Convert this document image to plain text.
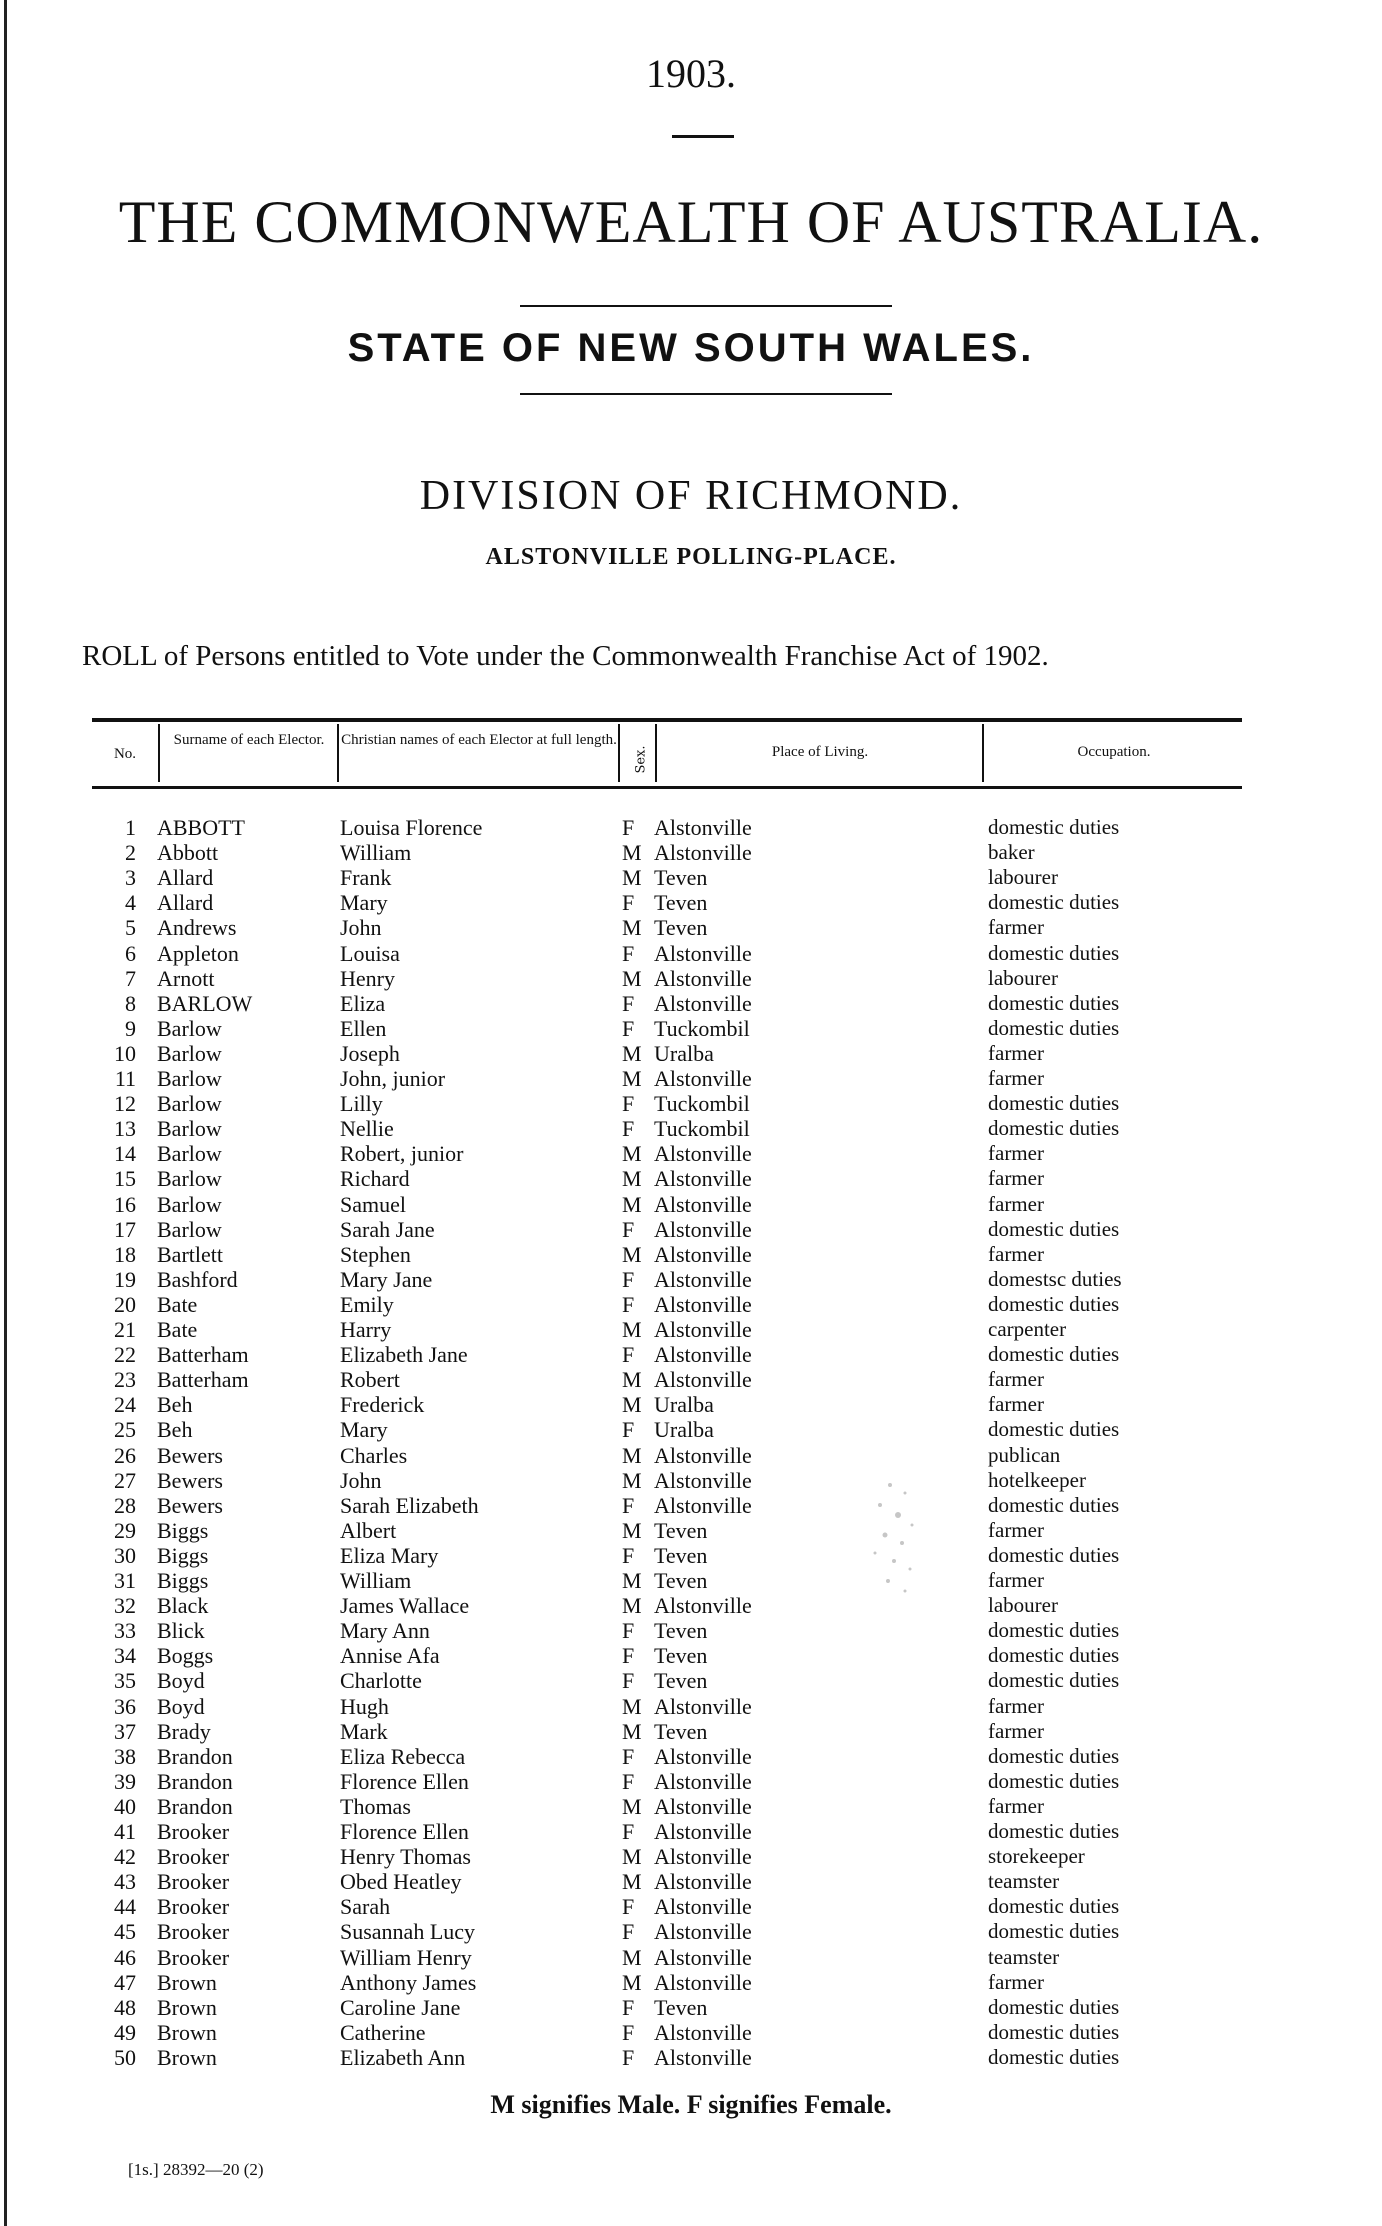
1903.
THE COMMONWEALTH OF AUSTRALIA.
STATE OF NEW SOUTH WALES.
DIVISION OF RICHMOND.
ALSTONVILLE POLLING-PLACE.
ROLL of Persons entitled to Vote under the Commonwealth Franchise Act of 1902.
No.
Surname of each Elector.	Christian names of each Elector at full length.
Sex.	Place of Living.	Occupation.
1 ABBOTT	Louisa Florence	F Alstonville	domestic duties
2 Abbott	William	M Alstonville	baker
3 Allard	Frank	M Teven	labourer
4 Allard	Mary	F Teven	domestic duties
5 Andrews	John	M Teven	farmer
6 Appleton	Louisa	F Alstonville	domestic duties
7 Arnott	Henry	M Alstonville	labourer
8 BARLOW	Eliza	F Alstonville	domestic duties
9 Barlow	Ellen	F Tuckombil	domestic duties
10 Barlow	Joseph	M Uralba	farmer
11 Barlow	John, junior	M Alstonville	farmer
12 Barlow	Lilly	F Tuckombil	domestic duties
13 Barlow	Nellie	F Tuckombil	domestic duties
14 Barlow	Robert, junior	M Alstonville	farmer
15 Barlow	Richard	M Alstonville	farmer
16 Barlow	Samuel	M Alstonville	farmer
17 Barlow	Sarah Jane	F Alstonville	domestic duties
18 Bartlett	Stephen	M Alstonville	farmer
19 Bashford	Mary Jane	F Alstonville	domestsc duties
20 Bate	Emily	F Alstonville	domestic duties
21 Bate	Harry	M Alstonville	carpenter
22 Batterham	Elizabeth Jane	F Alstonville	domestic duties
23 Batterham	Robert	M Alstonville	farmer
24 Beh	Frederick	M Uralba	farmer
25 Beh	Mary	F Uralba	domestic duties
26 Bewers	Charles	M Alstonville	publican
27 Bewers	John	M Alstonville	hotelkeeper
28 Bewers	Sarah Elizabeth	F Alstonville	domestic duties
29 Biggs	Albert	M Teven	farmer
30 Biggs	Eliza Mary	F Teven	domestic duties
31 Biggs	William	M Teven	farmer
32 Black	James Wallace	M Alstonville	labourer
33 Blick	Mary Ann	F Teven	domestic duties
34 Boggs	Annise Afa	F Teven	domestic duties
35 Boyd	Charlotte	F Teven	domestic duties
36 Boyd	Hugh	M Alstonville	farmer
37 Brady	Mark	M Teven	farmer
38 Brandon	Eliza Rebecca	F Alstonville	domestic duties
39 Brandon	Florence Ellen	F Alstonville	domestic duties
40 Brandon	Thomas	M Alstonville	farmer
41 Brooker	Florence Ellen	F Alstonville	domestic duties
42 Brooker	Henry Thomas	M Alstonville	storekeeper
43 Brooker	Obed Heatley	M Alstonville	teamster
44 Brooker	Sarah	F Alstonville	domestic duties
45 Brooker	Susannah Lucy	F Alstonville	domestic duties
46 Brooker	William Henry	M Alstonville	teamster
47 Brown	Anthony James	M Alstonville	farmer
48 Brown	Caroline Jane	F Teven	domestic duties
49 Brown	Catherine	F Alstonville	domestic duties
50 Brown	Elizabeth Ann	F Alstonville	domestic duties
M signifies Male. F signifies Female.
[1s.] 28392—20 (2)
